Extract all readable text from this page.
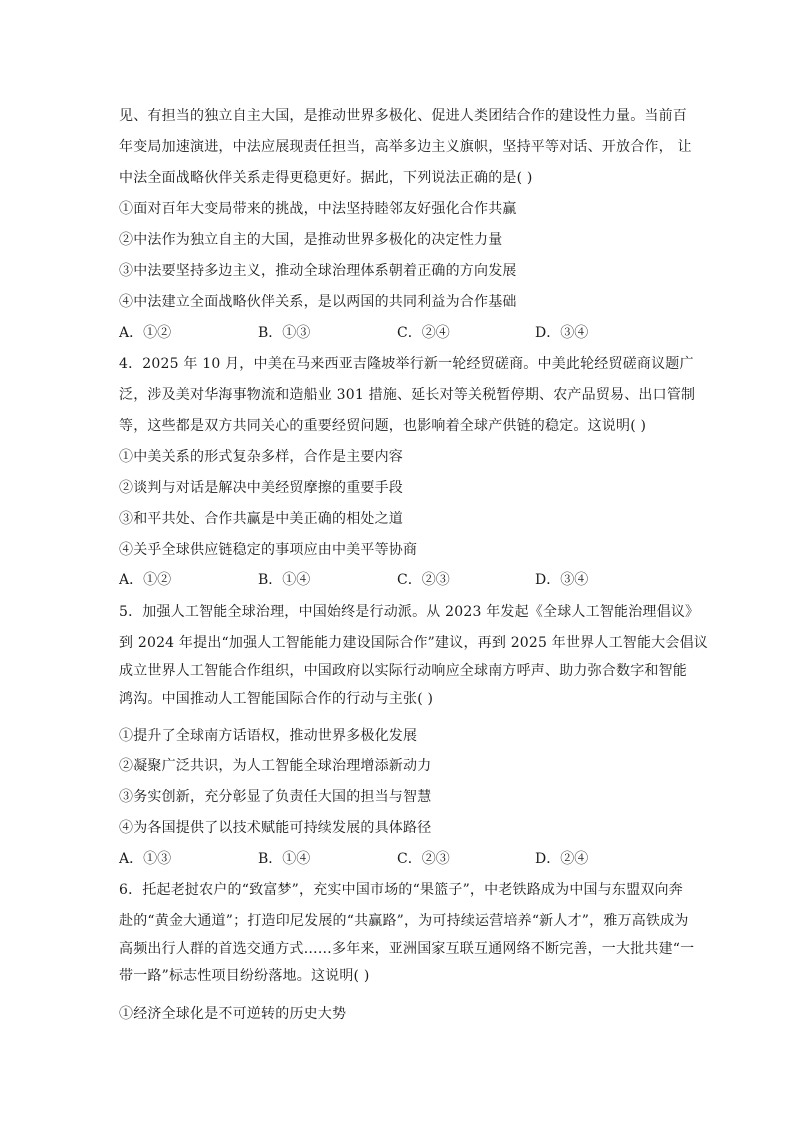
见、有担当的独立自主大国，是推动世界多极化、促进人类团结合作的建设性力量。当前百
年变局加速演进，中法应展现责任担当，高举多边主义旗帜，坚持平等对话、开放合作， 让
中法全面战略伙伴关系走得更稳更好。据此，下列说法正确的是( )
①面对百年大变局带来的挑战，中法坚持睦邻友好强化合作共赢
②中法作为独立自主的大国，是推动世界多极化的决定性力量
③中法要坚持多边主义，推动全球治理体系朝着正确的方向发展
④中法建立全面战略伙伴关系，是以两国的共同利益为合作基础
A．①②	B．①③	C．②④	D．③④
4．2025 年 10 月，中美在马来西亚吉隆坡举行新一轮经贸磋商。中美此轮经贸磋商议题广
泛，涉及美对华海事物流和造船业 301 措施、延长对等关税暂停期、农产品贸易、出口管制
等，这些都是双方共同关心的重要经贸问题，也影响着全球产供链的稳定。这说明( )
①中美关系的形式复杂多样，合作是主要内容
②谈判与对话是解决中美经贸摩擦的重要手段
③和平共处、合作共赢是中美正确的相处之道
④关乎全球供应链稳定的事项应由中美平等协商
A．①②	B．①④	C．②③	D．③④
5．加强人工智能全球治理，中国始终是行动派。从 2023 年发起《全球人工智能治理倡议》
到 2024 年提出“加强人工智能能力建设国际合作”建议，再到 2025 年世界人工智能大会倡议
成立世界人工智能合作组织，中国政府以实际行动响应全球南方呼声、助力弥合数字和智能
鸿沟。中国推动人工智能国际合作的行动与主张( )
①提升了全球南方话语权，推动世界多极化发展
②凝聚广泛共识，为人工智能全球治理增添新动力
③务实创新，充分彰显了负责任大国的担当与智慧
④为各国提供了以技术赋能可持续发展的具体路径
A．①③	B．①④	C．②③	D．②④
6．托起老挝农户的“致富梦”，充实中国市场的“果篮子”，中老铁路成为中国与东盟双向奔
赴的“黄金大通道”；打造印尼发展的“共赢路”，为可持续运营培养“新人才”，雅万高铁成为
高频出行人群的首选交通方式……多年来，亚洲国家互联互通网络不断完善，一大批共建“一
带一路”标志性项目纷纷落地。这说明( )
①经济全球化是不可逆转的历史大势
